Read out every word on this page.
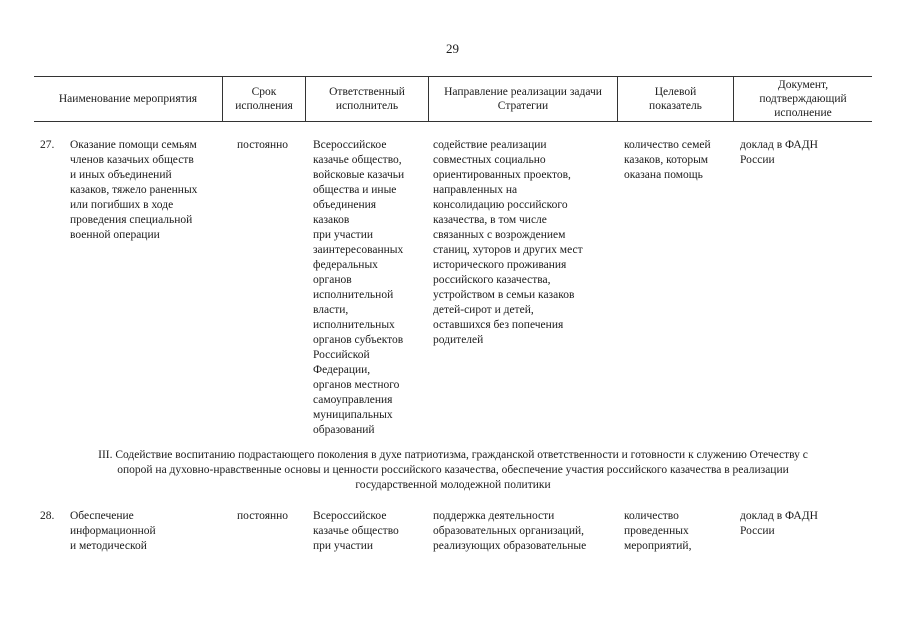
29
Наименование мероприятия
Срок
исполнения
Ответственный
исполнитель
Направление реализации задачи
Стратегии
Целевой
показатель
Документ,
подтверждающий
исполнение
27. Оказание помощи семьям
членов казачьих обществ
и иных объединений
казаков, тяжело раненных
или погибших в ходе
проведения специальной
военной операции
постоянно Всероссийское
казачье общество,
войсковые казачьи
общества и иные
объединения
казаков
при участии
заинтересованных
федеральных
органов
исполнительной
власти,
исполнительных
органов субъектов
Российской
Федерации,
органов местного
самоуправления
муниципальных
образований
содействие реализации
совместных социально
ориентированных проектов,
направленных на
консолидацию российского
казачества, в том числе
связанных с возрождением
станиц, хуторов и других мест
исторического проживания
российского казачества,
устройством в семьи казаков
детей-сирот и детей,
оставшихся без попечения
родителей
количество семей
казаков, которым
оказана помощь
доклад в ФАДН
России
III. Содействие воспитанию подрастающего поколения в духе патриотизма, гражданской ответственности и готовности к служению Отечеству с
опорой на духовно-нравственные основы и ценности российского казачества, обеспечение участия российского казачества в реализации
государственной молодежной политики
28. Обеспечение
информационной
и методической
постоянно Всероссийское
казачье общество
при участии
поддержка деятельности
образовательных организаций,
реализующих образовательные
количество
проведенных
мероприятий,
доклад в ФАДН
России
